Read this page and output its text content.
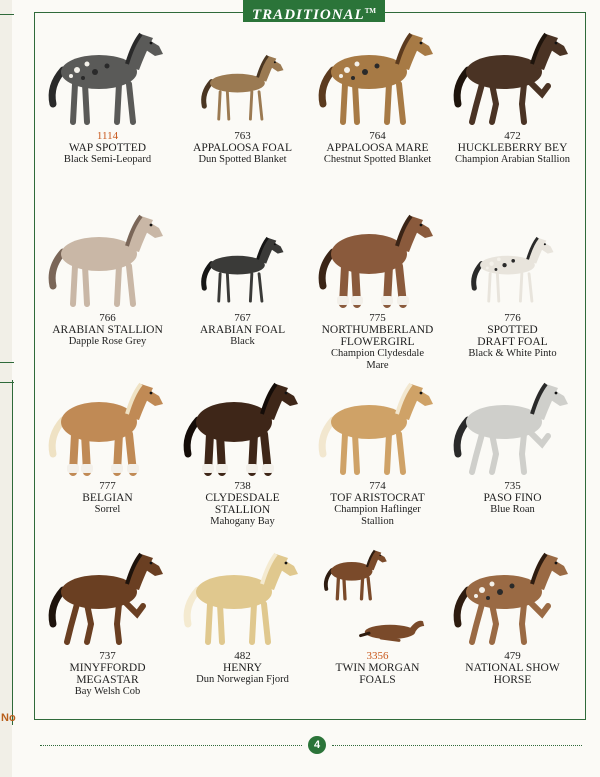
No
TRADITIONAL™
1114
WAP SPOTTED
Black Semi-Leopard
763
APPALOOSA FOAL
Dun Spotted Blanket
764
APPALOOSA MARE
Chestnut Spotted Blanket
472
HUCKLEBERRY BEY
Champion Arabian Stallion
766
ARABIAN STALLION
Dapple Rose Grey
767
ARABIAN FOAL
Black
775
NORTHUMBERLAND
FLOWERGIRL
Champion Clydesdale
Mare
776
SPOTTED
DRAFT FOAL
Black & White Pinto
777
BELGIAN
Sorrel
738
CLYDESDALE
STALLION
Mahogany Bay
774
TOF ARISTOCRAT
Champion Haflinger
Stallion
735
PASO FINO
Blue Roan
737
MINYFFORDD
MEGASTAR
Bay Welsh Cob
482
HENRY
Dun Norwegian Fjord
3356
TWIN MORGAN
FOALS
479
NATIONAL SHOW
HORSE
4
